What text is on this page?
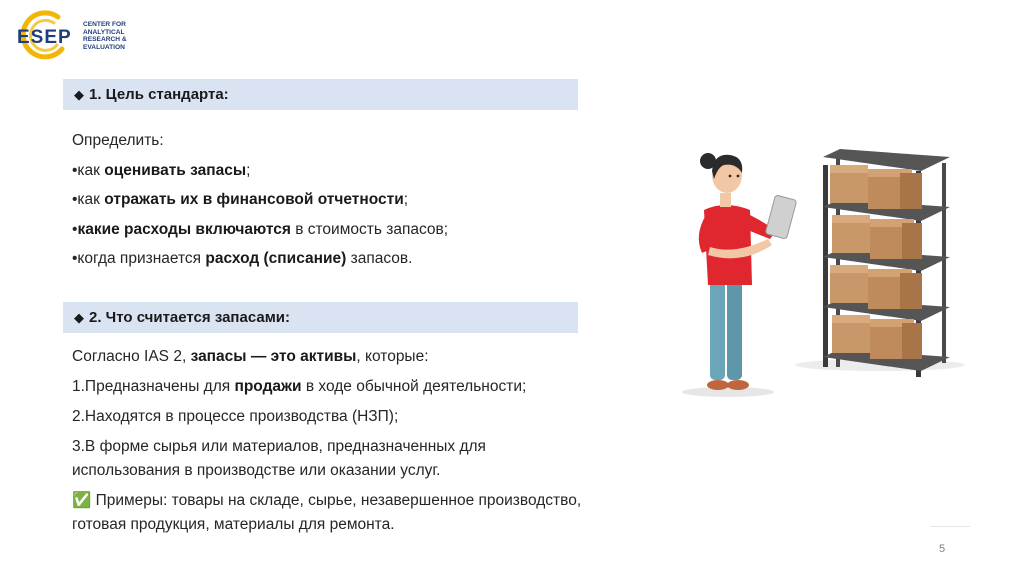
ESEP
CENTER FOR
ANALYTICAL
RESEARCH &
EVALUATION
◆ 1. Цель стандарта:
Определить:
•как оценивать запасы;
•как отражать их в финансовой отчетности;
•какие расходы включаются в стоимость запасов;
•когда признается расход (списание) запасов.
◆ 2. Что считается запасами:
Согласно IAS 2, запасы — это активы, которые:
1.Предназначены для продажи в ходе обычной деятельности;
2.Находятся в процессе производства (НЗП);
3.В форме сырья или материалов, предназначенных для
использования в производстве или оказании услуг.
✅ Примеры: товары на складе, сырье, незавершенное производство,
готовая продукция, материалы для ремонта.
5
